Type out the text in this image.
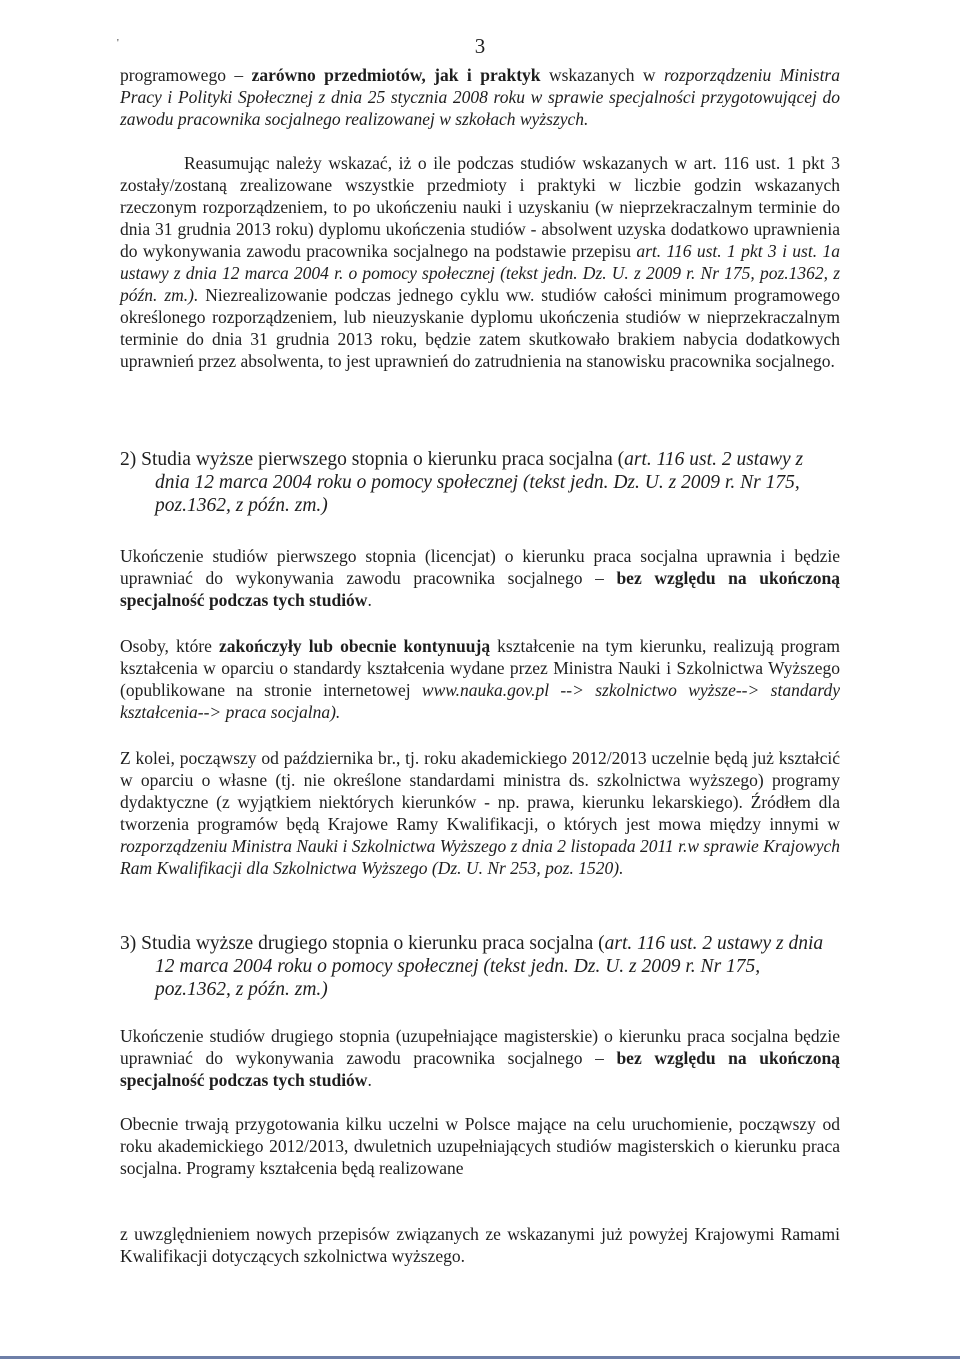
'	3

programowego – zarówno przedmiotów, jak i praktyk wskazanych w rozporządzeniu Ministra Pracy i Polityki Społecznej z dnia 25 stycznia 2008 roku w sprawie specjalności przygotowującej do zawodu pracownika socjalnego realizowanej w szkołach wyższych.

Reasumując należy wskazać, iż o ile podczas studiów wskazanych w art. 116 ust. 1 pkt 3 zostały/zostaną zrealizowane wszystkie przedmioty i praktyki w liczbie godzin wskazanych rzeczonym rozporządzeniem, to po ukończeniu nauki i uzyskaniu (w nieprzekraczalnym terminie do dnia 31 grudnia 2013 roku) dyplomu ukończenia studiów - absolwent uzyska dodatkowo uprawnienia do wykonywania zawodu pracownika socjalnego na podstawie przepisu art. 116 ust. 1 pkt 3 i ust. 1a ustawy z dnia 12 marca 2004 r. o pomocy społecznej (tekst jedn. Dz. U. z 2009 r. Nr 175, poz.1362, z późn. zm.). Niezrealizowanie podczas jednego cyklu ww. studiów całości minimum programowego określonego rozporządzeniem, lub nieuzyskanie dyplomu ukończenia studiów w nieprzekraczalnym terminie do dnia 31 grudnia 2013 roku, będzie zatem skutkowało brakiem nabycia dodatkowych uprawnień przez absolwenta, to jest uprawnień do zatrudnienia na stanowisku pracownika socjalnego.

2) Studia wyższe pierwszego stopnia o kierunku praca socjalna (art. 116 ust. 2 ustawy z dnia 12 marca 2004 roku o pomocy społecznej (tekst jedn. Dz. U. z 2009 r. Nr 175, poz.1362, z późn. zm.)

Ukończenie studiów pierwszego stopnia (licencjat) o kierunku praca socjalna uprawnia i będzie uprawniać do wykonywania zawodu pracownika socjalnego – bez względu na ukończoną specjalność podczas tych studiów.

Osoby, które zakończyły lub obecnie kontynuują kształcenie na tym kierunku, realizują program kształcenia w oparciu o standardy kształcenia wydane przez Ministra Nauki i Szkolnictwa Wyższego (opublikowane na stronie internetowej www.nauka.gov.pl --> szkolnictwo wyższe--> standardy kształcenia--> praca socjalna).

Z kolei, począwszy od października br., tj. roku akademickiego 2012/2013 uczelnie będą już kształcić w oparciu o własne (tj. nie określone standardami ministra ds. szkolnictwa wyższego) programy dydaktyczne (z wyjątkiem niektórych kierunków - np. prawa, kierunku lekarskiego). Źródłem dla tworzenia programów będą Krajowe Ramy Kwalifikacji, o których jest mowa między innymi w rozporządzeniu Ministra Nauki i Szkolnictwa Wyższego z dnia 2 listopada 2011 r.w sprawie Krajowych Ram Kwalifikacji dla Szkolnictwa Wyższego (Dz. U. Nr 253, poz. 1520).

3) Studia wyższe drugiego stopnia o kierunku praca socjalna (art. 116 ust. 2 ustawy z dnia 12 marca 2004 roku o pomocy społecznej (tekst jedn. Dz. U. z 2009 r. Nr 175, poz.1362, z późn. zm.)

Ukończenie studiów drugiego stopnia (uzupełniające magisterskie) o kierunku praca socjalna będzie uprawniać do wykonywania zawodu pracownika socjalnego – bez względu na ukończoną specjalność podczas tych studiów.

Obecnie trwają przygotowania kilku uczelni w Polsce mające na celu uruchomienie, począwszy od roku akademickiego 2012/2013, dwuletnich uzupełniających studiów magisterskich o kierunku praca socjalna. Programy kształcenia będą realizowane

z uwzględnieniem nowych przepisów związanych ze wskazanymi już powyżej Krajowymi Ramami Kwalifikacji dotyczących szkolnictwa wyższego.
